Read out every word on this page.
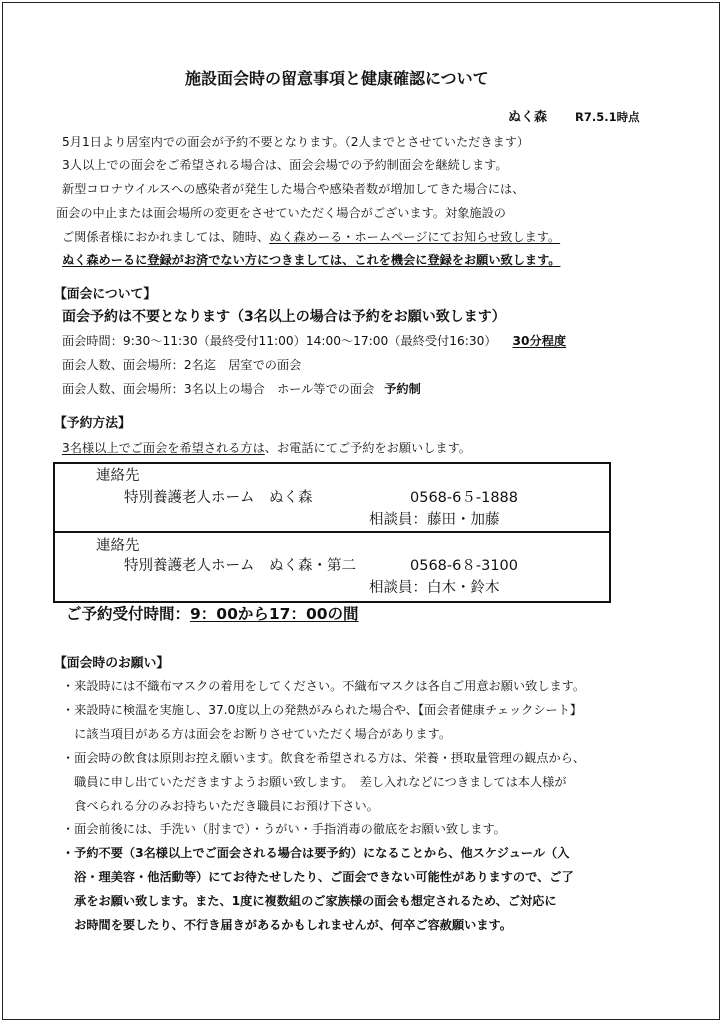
施設面会時の留意事項と健康確認について
ぬく森 R7.5.1時点
5月1日より居室内での面会が予約不要となります。（2人までとさせていただきます）
3人以上での面会をご希望される場合は、面会会場での予約制面会を継続します。
新型コロナウイルスへの感染者が発生した場合や感染者数が増加してきた場合には、
面会の中止または面会場所の変更をさせていただく場合がございます。対象施設の
ご関係者様におかれましては、随時、ぬく森めーる・ホームページにてお知らせ致します。
ぬく森めーるに登録がお済でない方につきましては、これを機会に登録をお願い致します。
【面会について】
面会予約は不要となります（3名以上の場合は予約をお願い致します）
面会時間：9:30～11:30（最終受付11:00）14:00～17:00（最終受付16:30） 30分程度
面会人数、面会場所：2名迄　居室での面会
面会人数、面会場所：3名以上の場合　ホール等での面会 予約制
【予約方法】
3名様以上でご面会を希望される方は、お電話にてご予約をお願いします。
連絡先
特別養護老人ホーム　ぬく森	0568-6５-1888
相談員：藤田・加藤
連絡先
特別養護老人ホーム　ぬく森・第二	0568-6８-3100
相談員：白木・鈴木
ご予約受付時間：9：00から17：00の間
【面会時のお願い】
・来設時には不織布マスクの着用をしてください。不織布マスクは各自ご用意お願い致します。
・来設時に検温を実施し、37.0度以上の発熱がみられた場合や、【面会者健康チェックシート】
　に該当項目がある方は面会をお断りさせていただく場合があります。
・面会時の飲食は原則お控え願います。飲食を希望される方は、栄養・摂取量管理の観点から、
　職員に申し出ていただきますようお願い致します。　差し入れなどにつきましては本人様が
　食べられる分のみお持ちいただき職員にお預け下さい。
・面会前後には、手洗い（肘まで）・うがい・手指消毒の徹底をお願い致します。
・予約不要（3名様以上でご面会される場合は要予約）になることから、他スケジュール（入
　浴・理美容・他活動等）にてお待たせしたり、ご面会できない可能性がありますので、ご了
　承をお願い致します。また、1度に複数組のご家族様の面会も想定されるため、ご対応に
　お時間を要したり、不行き届きがあるかもしれませんが、何卒ご容赦願います。
